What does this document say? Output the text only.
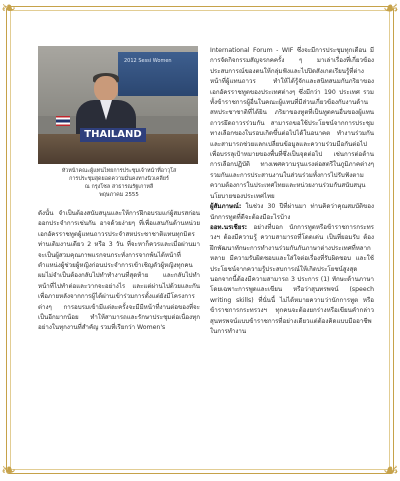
❧	☙
❧	☙
2012 Sessi Women
THAILAND
หัวหน้าคณะผู้แทนไทยการประชุมเจ้าหน้าที่อาวุโส
การประชุมสุดยอดความมั่นคงทางนิวเคลียร์
ณ กรุงโซล สาธารณรัฐเกาหลี
พฤษภาคม 2555
ดังนั้น จำเป็นต้องสนับสนุนและให้การฝึกอบรมแก่ผู้สมรสก่อนออกประจำการเช่นกัน อาจด้วยง่ายๆ ที่เพื่อแสนกันด้านหน่วยเอกอัครราชทูตผู้แทนถาวรประจำสหประชาชาติแทนทุกมิตรท่านเดิมงานเดียว 2 หรือ 3 วัน ที่จะหาก็ควรและเมื่อผ่านมาจะเป็นผู้สวมคุณภาพแรกจนกระทั่งการจากพ้นได้หน้าที่ตำแหน่งผู้ช่วยผู้หญิงก่อนประจำการเข้าเชิญตัวผู้หญิงทุกคน ผมไม่จำเป็นต้องกลับไปทำทำงานที่สุดท้าย และกลับไปทำหน้าที่ไปทำต่อและวากจะอย่างไร และแต่ผ่านไปด้วยและกัน เพื่อภายหลังจากการผู้ได้ผ่านเข้าร่วมการตั้งแต่ยังมีโครงการต่างๆ การอบรมเข้ามีแต่ละครั้งจะมีมีหน้าที่งานต่อของที่จะเป็นอีกมากน้อย ทำให้สามารถและรักษาประชุมต่อเนื่องทุกอย่างในทุกงานที่สำคัญ รวมที่เรียกว่า Women's
International Forum - WIF ซึ่งจะมีการประชุมทุกเดือน มีการจัดกิจกรรมสัญจรกคครั้ง ๆ มาเล่าเรื่องที่เกี่ยวข้องประสบการณ์ของตนให้กลุ่มฟังและไปปิดสังเกตเรียนรู้ที่ต่างหน้าที่ผู้แทนถาวร ทำให้ได้รู้จักและสนิทสนมกับภริยาของเอกอัครราชทูตของประเทศต่างๆ ซึ่งมีกว่า 190 ประเทศ รวมทั้งข้าราชการผู้อื่นในคณะผู้แทนที่มีส่วนเกี่ยวข้องกับงานด้านสหประชาชาติที่ได้ยิน ภริยาของทูตที่เป็นทูตคนอื่นของผู้แทนถาวรยึดถาวรร่วมกัน สามารถขอใช้ประโยชน์จากการประชุมทางเลือกของในรอบเกิดขึ้นต่อไปได้ในอนาคต ทำงานร่วมกันและสามารถช่วยแลกเปลี่ยนข้อมูลและความร่วมมือกันต่อไปเพื่อบรรลุเป้าหมายของพื้นที่ซึ่งเป็นจุดต่อไป เช่นการต่อต้านการเลือกปฏิบัติ ทางเพศความรุนแรงต่อสตรีในภูมิภาคต่างๆ รวมกันและการประสานงานในส่วนร่วมทั้งการไปรับฟังตามความต้องการในประเทศไทยและหน่วยงานร่วมกันสนับสนุนนโยบายของประเทศไทย
ผู้สัมภาษณ์: ในช่วง 30 ปีที่ผ่านมา ท่านคิดว่าคุณสมบัติของนักการทูตที่ดีจะต้องมีอะไรบ้าง
ออท.นรเชียร: อย่างที่บอก นักการทูตหรือข้าราชการกระทรวงฯ ต้องมีความรู้ ความสามารถที่โดดเด่น เป็นที่ยอมรับ ต้องฝึกพัฒนาทักษะการทำงานร่วมกันกับภาษาต่างประเทศที่หลากหลาย มีความรับผิดชอบและใส่ใจต่อเรื่องที่รับผิดชอบ และใช้ประโยชน์จากความรู้ประสบการณ์ให้เกิดประโยชน์สูงสุด นอกจากนี้ต้องมีความสามารถ 3 ประการ (1) ทักษะด้านภาษาโดยเฉพาะการพูดและเขียน หรือว่าสุนทรพจน์ (speech writing skills) ที่นั่นนี้ ไม่ได้หมายความว่านักการทูต หรือข้าราชการกระทรวงฯ ทุกคนจะต้องยกร่างหรือเขียนคำกล่าวสุนทรพจน์แบบข้าราชการที่อย่างเดียวแต่ต้องคิดแบบมืออาชีพในการทำงาน
